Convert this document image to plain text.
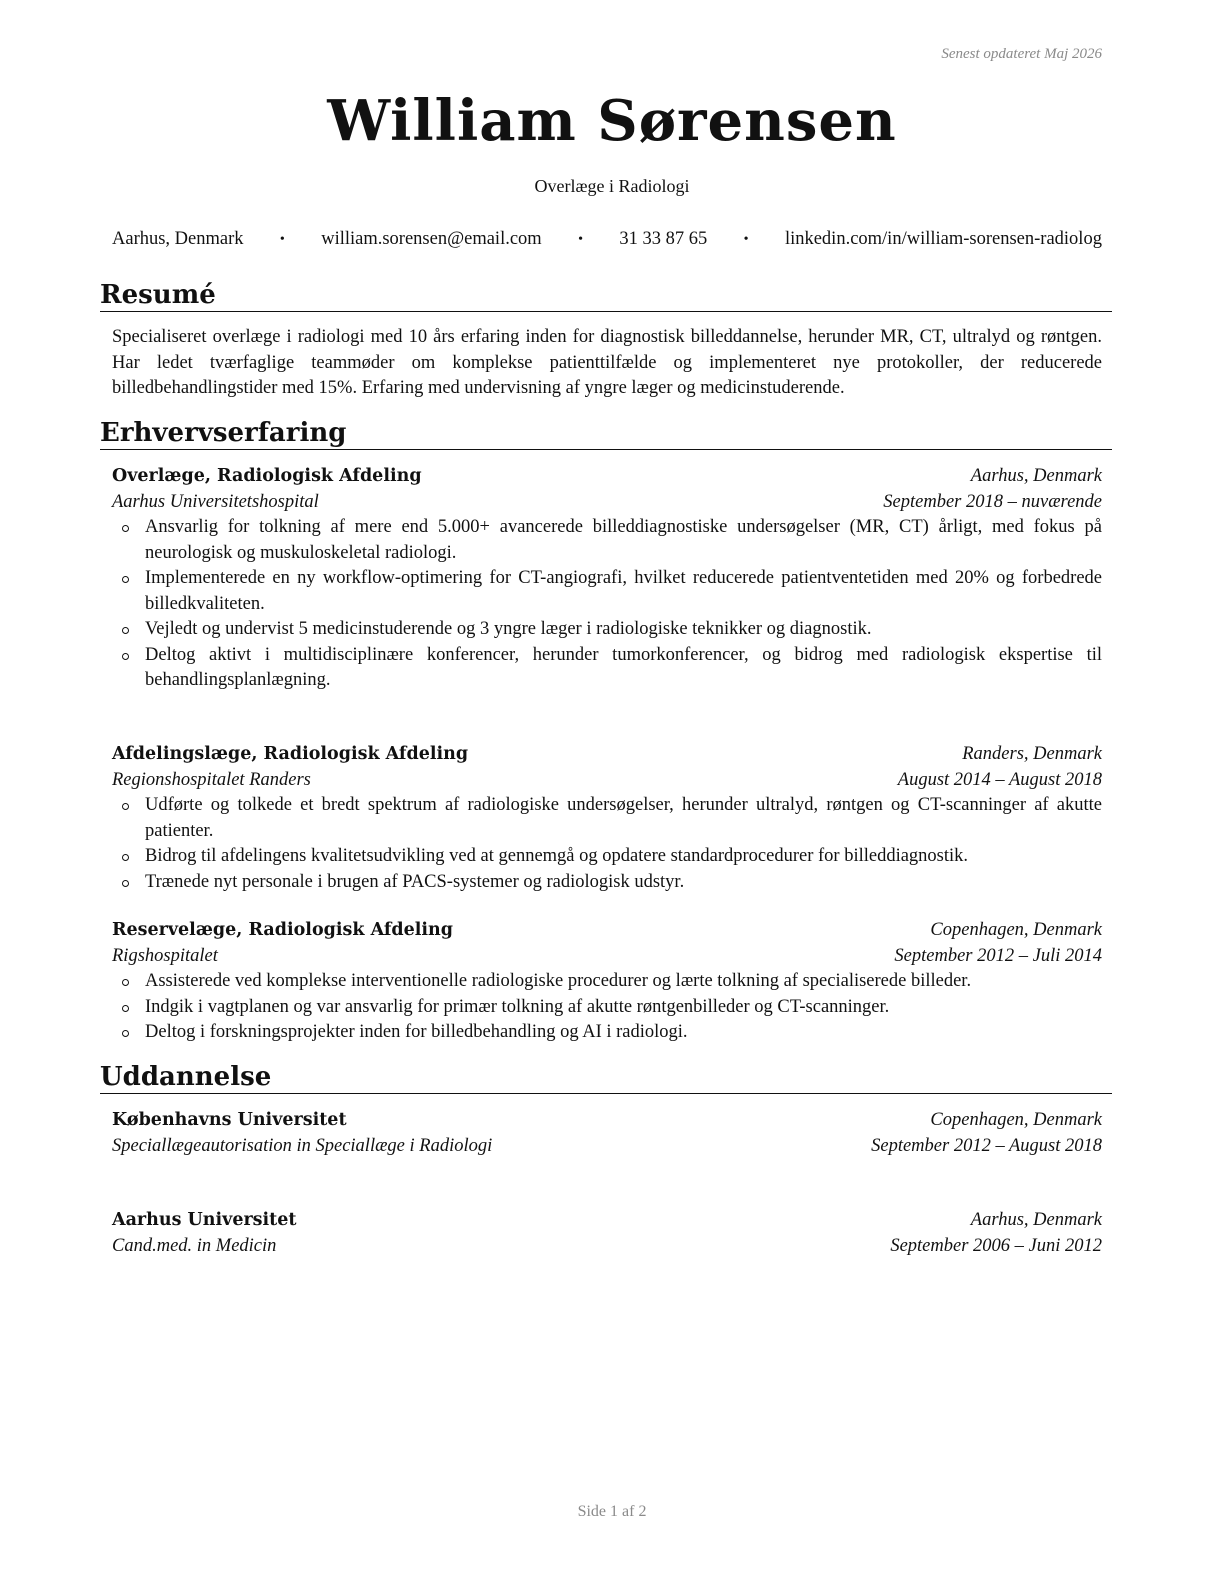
Senest opdateret Maj 2026
William Sørensen
Overlæge i Radiologi
Aarhus, Denmark	• william.sorensen@email.com	• 31 33 87 65	• linkedin.com/in/william-sorensen-radiolog
Resumé
Specialiseret overlæge i radiologi med 10 års erfaring inden for diagnostisk billeddannelse, herunder MR, CT, ultralyd og røntgen. Har ledet tværfaglige teammøder om komplekse patienttilfælde og implementeret nye protokoller, der reducerede billedbehandlingstider med 15%. Erfaring med undervisning af yngre læger og medicinstuderende.
Erhvervserfaring
Overlæge, Radiologisk Afdeling	Aarhus, Denmark
Aarhus Universitetshospital	September 2018 – nuværende
Ansvarlig for tolkning af mere end 5.000+ avancerede billeddiagnostiske undersøgelser (MR, CT) årligt, med fokus på neurologisk og muskuloskeletal radiologi.
Implementerede en ny workflow-optimering for CT-angiografi, hvilket reducerede patientventetiden med 20% og forbedrede billedkvaliteten.
Vejledt og undervist 5 medicinstuderende og 3 yngre læger i radiologiske teknikker og diagnostik.
Deltog aktivt i multidisciplinære konferencer, herunder tumorkonferencer, og bidrog med radiologisk ekspertise til behandlingsplanlægning.
Afdelingslæge, Radiologisk Afdeling	Randers, Denmark
Regionshospitalet Randers	August 2014 – August 2018
Udførte og tolkede et bredt spektrum af radiologiske undersøgelser, herunder ultralyd, røntgen og CT-scanninger af akutte patienter.
Bidrog til afdelingens kvalitetsudvikling ved at gennemgå og opdatere standardprocedurer for billeddiagnostik.
Trænede nyt personale i brugen af PACS-systemer og radiologisk udstyr.
Reservelæge, Radiologisk Afdeling	Copenhagen, Denmark
Rigshospitalet	September 2012 – Juli 2014
Assisterede ved komplekse interventionelle radiologiske procedurer og lærte tolkning af specialiserede billeder.
Indgik i vagtplanen og var ansvarlig for primær tolkning af akutte røntgenbilleder og CT-scanninger.
Deltog i forskningsprojekter inden for billedbehandling og AI i radiologi.
Uddannelse
Københavns Universitet	Copenhagen, Denmark
Speciallægeautorisation in Speciallæge i Radiologi	September 2012 – August 2018
Aarhus Universitet	Aarhus, Denmark
Cand.med. in Medicin	September 2006 – Juni 2012
Side 1 af 2
